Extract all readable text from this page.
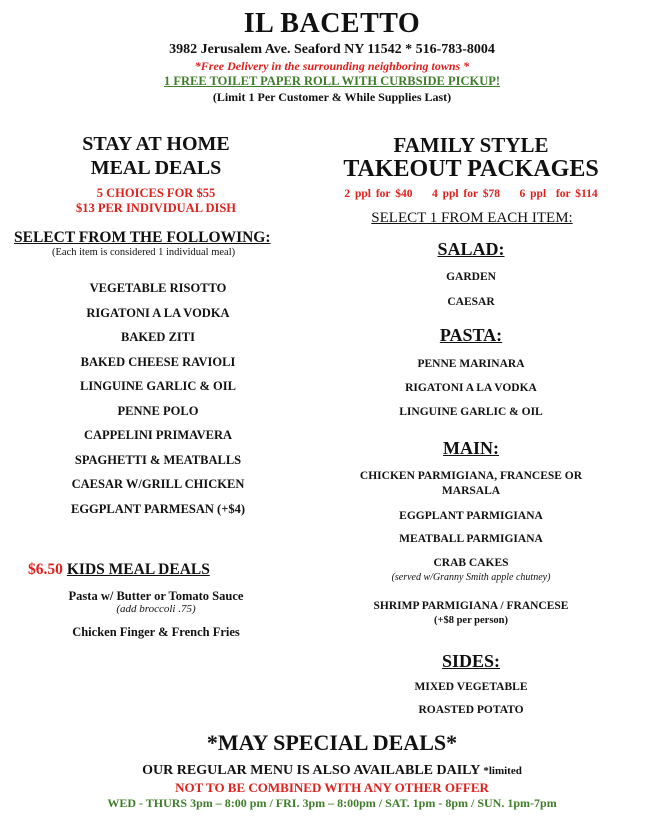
IL BACETTO
3982 Jerusalem Ave. Seaford NY 11542 * 516-783-8004
*Free Delivery in the surrounding neighboring towns *
1 FREE TOILET PAPER ROLL WITH CURBSIDE PICKUP!
(Limit 1 Per Customer & While Supplies Last)
STAY AT HOME
MEAL DEALS
5 CHOICES FOR $55
$13 PER INDIVIDUAL DISH
SELECT FROM THE FOLLOWING:
(Each item is considered 1 individual meal)
VEGETABLE RISOTTO
RIGATONI A LA VODKA
BAKED ZITI
BAKED CHEESE RAVIOLI
LINGUINE GARLIC & OIL
PENNE POLO
CAPPELINI PRIMAVERA
SPAGHETTI & MEATBALLS
CAESAR W/GRILL CHICKEN
EGGPLANT PARMESAN (+$4)
$6.50 KIDS MEAL DEALS
Pasta w/ Butter or Tomato Sauce
(add broccoli .75)
Chicken Finger & French Fries
FAMILY STYLE
TAKEOUT PACKAGES
2 ppl for $40    4 ppl for $78    6 ppl  for $114
SELECT 1 FROM EACH ITEM:
SALAD:
GARDEN
CAESAR
PASTA:
PENNE MARINARA
RIGATONI A LA VODKA
LINGUINE GARLIC & OIL
MAIN:
CHICKEN PARMIGIANA, FRANCESE OR
MARSALA
EGGPLANT PARMIGIANA
MEATBALL PARMIGIANA
CRAB CAKES
(served w/Granny Smith apple chutney)
SHRIMP PARMIGIANA / FRANCESE
(+$8 per person)
SIDES:
MIXED VEGETABLE
ROASTED POTATO
*MAY SPECIAL DEALS*
OUR REGULAR MENU IS ALSO AVAILABLE DAILY *limited
NOT TO BE COMBINED WITH ANY OTHER OFFER
WED - THURS 3pm – 8:00 pm / FRI. 3pm – 8:00pm / SAT. 1pm - 8pm / SUN. 1pm-7pm
